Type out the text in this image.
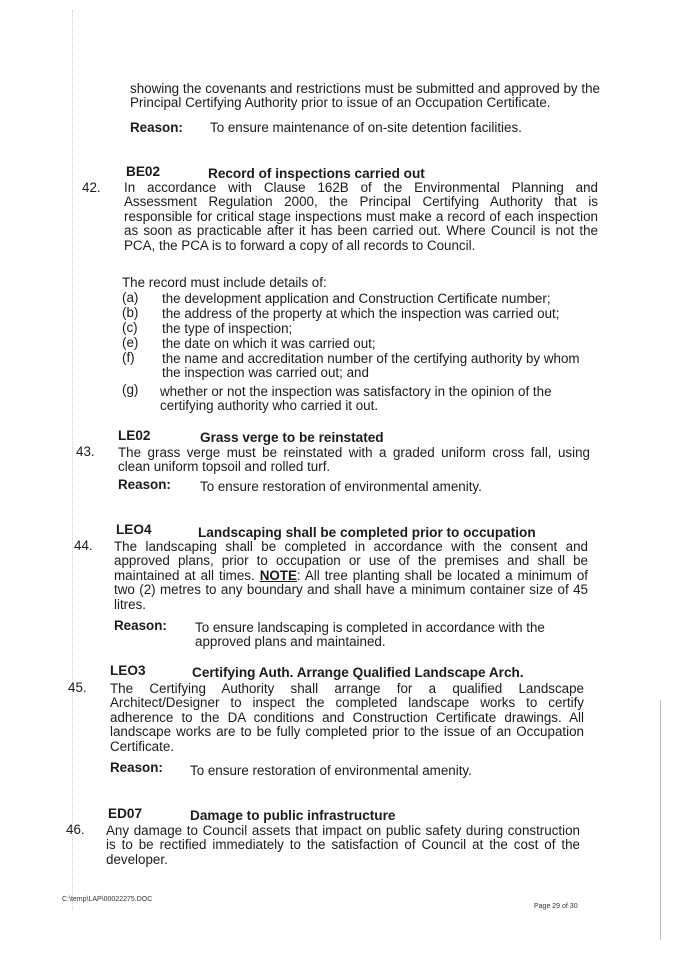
showing the covenants and restrictions must be submitted and approved by the Principal Certifying Authority prior to issue of an Occupation Certificate.
Reason: To ensure maintenance of on-site detention facilities.
BE02	Record of inspections carried out
42. In accordance with Clause 162B of the Environmental Planning and Assessment Regulation 2000, the Principal Certifying Authority that is responsible for critical stage inspections must make a record of each inspection as soon as practicable after it has been carried out. Where Council is not the PCA, the PCA is to forward a copy of all records to Council.
The record must include details of:
(a) the development application and Construction Certificate number;
(b) the address of the property at which the inspection was carried out;
(c) the type of inspection;
(e) the date on which it was carried out;
(f) the name and accreditation number of the certifying authority by whom the inspection was carried out; and
(g) whether or not the inspection was satisfactory in the opinion of the certifying authority who carried it out.
LE02	Grass verge to be reinstated
43. The grass verge must be reinstated with a graded uniform cross fall, using clean uniform topsoil and rolled turf.
Reason: To ensure restoration of environmental amenity.
LEO4	Landscaping shall be completed prior to occupation
44. The landscaping shall be completed in accordance with the consent and approved plans, prior to occupation or use of the premises and shall be maintained at all times. NOTE: All tree planting shall be located a minimum of two (2) metres to any boundary and shall have a minimum container size of 45 litres.
Reason: To ensure landscaping is completed in accordance with the approved plans and maintained.
LEO3	Certifying Auth. Arrange Qualified Landscape Arch.
45. The Certifying Authority shall arrange for a qualified Landscape Architect/Designer to inspect the completed landscape works to certify adherence to the DA conditions and Construction Certificate drawings. All landscape works are to be fully completed prior to the issue of an Occupation Certificate.
Reason: To ensure restoration of environmental amenity.
ED07	Damage to public infrastructure
46. Any damage to Council assets that impact on public safety during construction is to be rectified immediately to the satisfaction of Council at the cost of the developer.
C:\temp\LAP\00022275.DOC
Page 29 of 30
